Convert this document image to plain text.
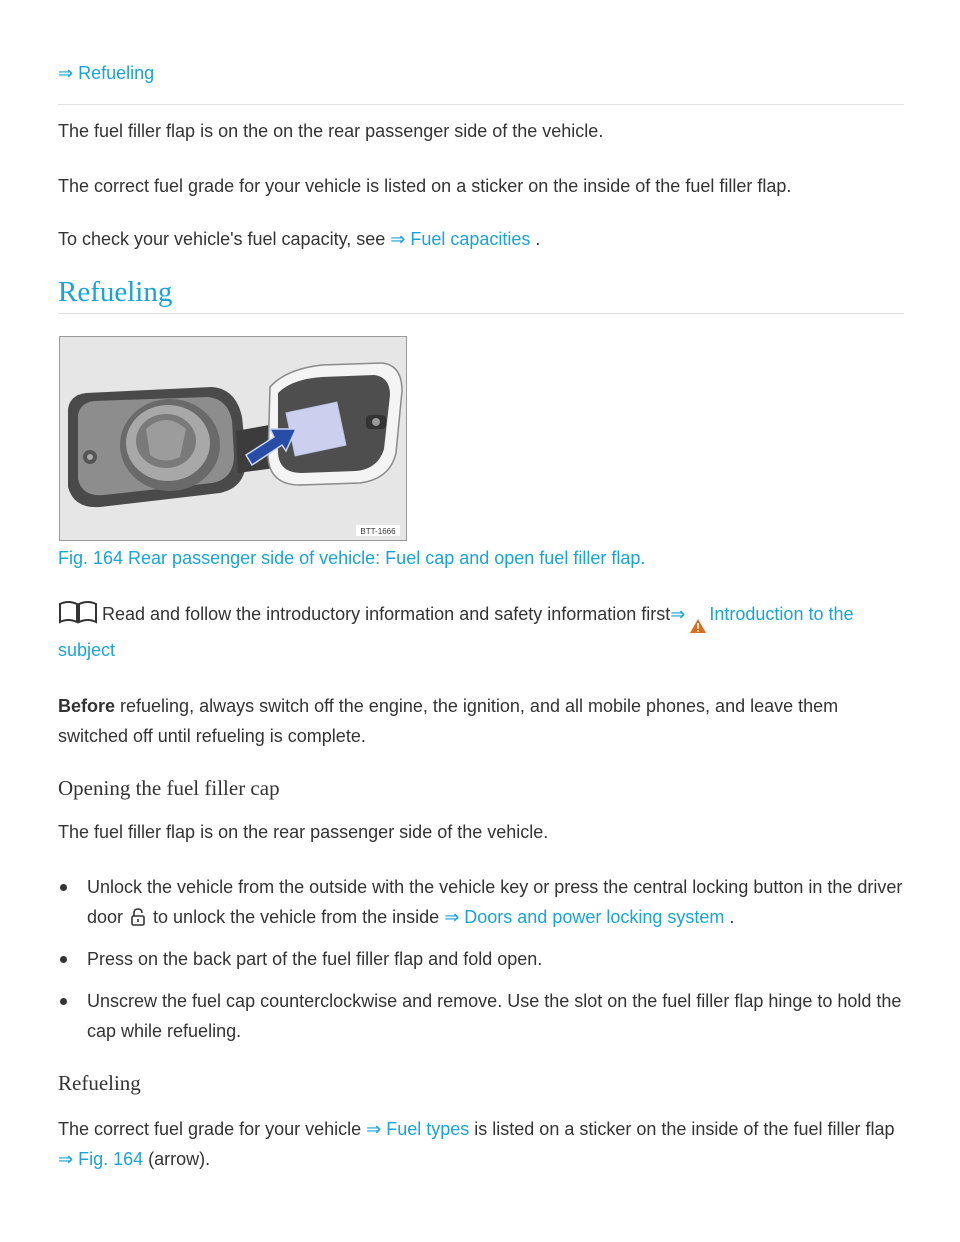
⇒ Refueling

The fuel filler flap is on the on the rear passenger side of the vehicle.

The correct fuel grade for your vehicle is listed on a sticker on the inside of the fuel filler flap.

To check your vehicle's fuel capacity, see ⇒ Fuel capacities .

Refueling
BTT-1666
Fig. 164 Rear passenger side of vehicle: Fuel cap and open fuel filler flap.
Read and follow the introductory information and safety information first⇒ Introduction to the subject

Before refueling, always switch off the engine, the ignition, and all mobile phones, and leave them switched off until refueling is complete.

Opening the fuel filler cap

The fuel filler flap is on the rear passenger side of the vehicle.

Unlock the vehicle from the outside with the vehicle key or press the central locking button in the driver door  to unlock the vehicle from the inside ⇒ Doors and power locking system .
Press on the back part of the fuel filler flap and fold open.
Unscrew the fuel cap counterclockwise and remove. Use the slot on the fuel filler flap hinge to hold the cap while refueling.
Refueling

The correct fuel grade for your vehicle ⇒ Fuel types is listed on a sticker on the inside of the fuel filler flap ⇒ Fig. 164 (arrow).
